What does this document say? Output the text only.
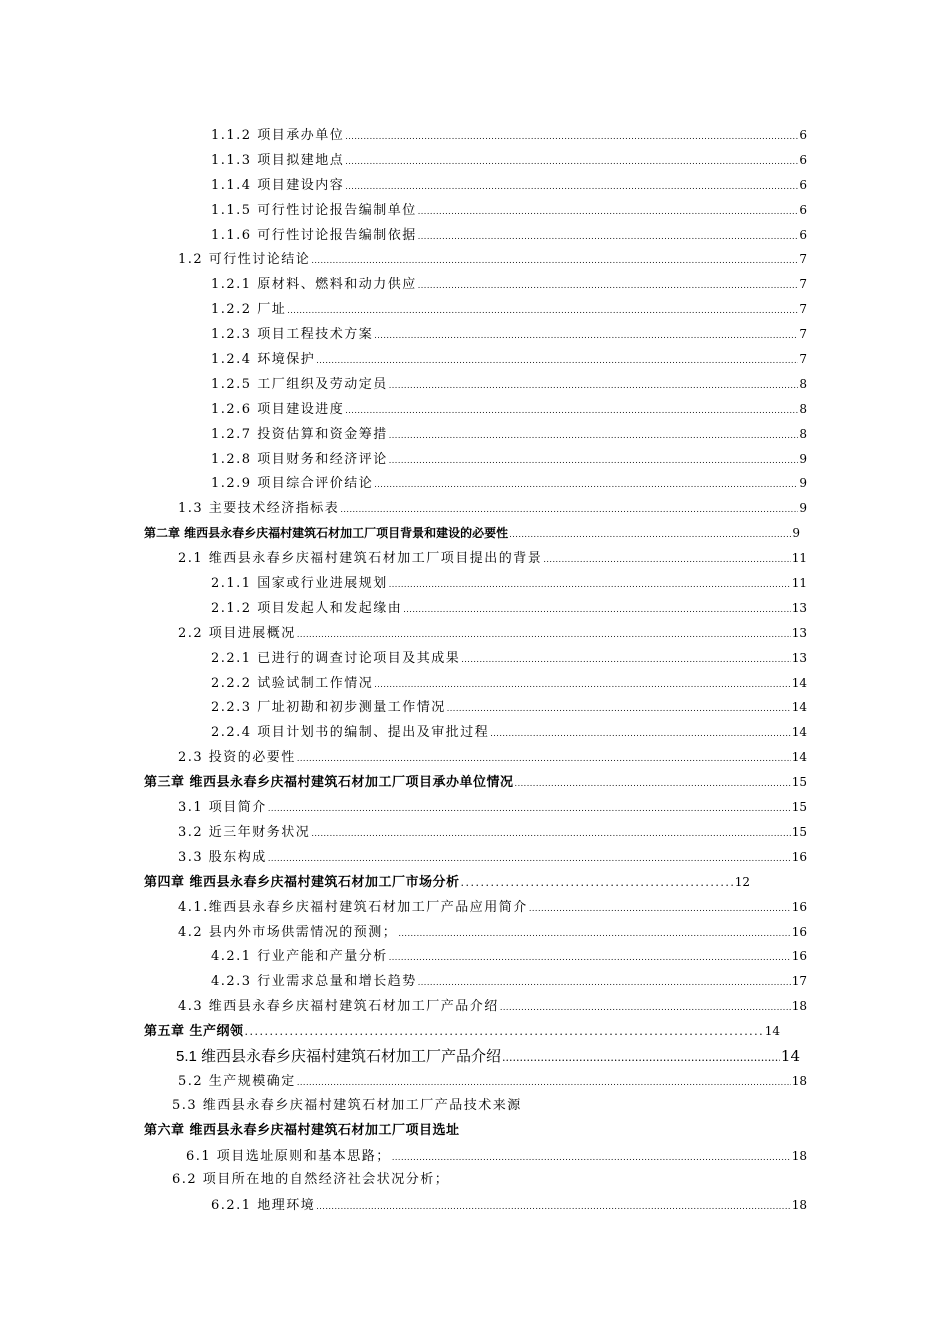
1.1.2 项目承办单位 .....	6
1.1.3 项目拟建地点 .....	6
1.1.4 项目建设内容 .....	6
1.1.5 可行性讨论报告编制单位 .....	6
1.1.6 可行性讨论报告编制依据 .....	6
1.2 可行性讨论结论 .....	7
1.2.1 原材料、燃料和动力供应 .....	7
1.2.2 厂址 .....	7
1.2.3 项目工程技术方案 .....	7
1.2.4 环境保护 .....	7
1.2.5 工厂组织及劳动定员 .....	8
1.2.6 项目建设进度 .....	8
1.2.7 投资估算和资金筹措 .....	8
1.2.8 项目财务和经济评论 .....	9
1.2.9 项目综合评价结论 .....	9
1.3 主要技术经济指标表 .....	9
第二章 维西县永春乡庆福村建筑石材加工厂项目背景和建设的必要性 .....	9
2.1 维西县永春乡庆福村建筑石材加工厂项目提出的背景 .....	11
2.1.1 国家或行业进展规划 .....	11
2.1.2 项目发起人和发起缘由 .....	13
2.2 项目进展概况 .....	13
2.2.1 已进行的调查讨论项目及其成果 .....	13
2.2.2 试验试制工作情况 .....	14
2.2.3 厂址初勘和初步测量工作情况 .....	14
2.2.4 项目计划书的编制、提出及审批过程 .....	14
2.3 投资的必要性 .....	14
第三章 维西县永春乡庆福村建筑石材加工厂项目承办单位情况 .....	15
3.1 项目简介 .....	15
3.2 近三年财务状况 .....	15
3.3 股东构成 .....	16
第四章 维西县永春乡庆福村建筑石材加工厂市场分析 .....	12
4.1.维西县永春乡庆福村建筑石材加工厂产品应用简介 .....	16
4.2 县内外市场供需情况的预测； .....	16
4.2.1 行业产能和产量分析 .....	16
4.2.3 行业需求总量和增长趋势 .....	17
4.3 维西县永春乡庆福村建筑石材加工厂产品介绍 .....	18
第五章 生产纲领 .....	14
5.1 维西县永春乡庆福村建筑石材加工厂产品介绍 .....	14
5.2 生产规模确定 .....	18
5.3 维西县永春乡庆福村建筑石材加工厂产品技术来源
第六章 维西县永春乡庆福村建筑石材加工厂项目选址
6.1 项目选址原则和基本思路； .....	18
6.2 项目所在地的自然经济社会状况分析；
6.2.1 地理环境 .....	18
